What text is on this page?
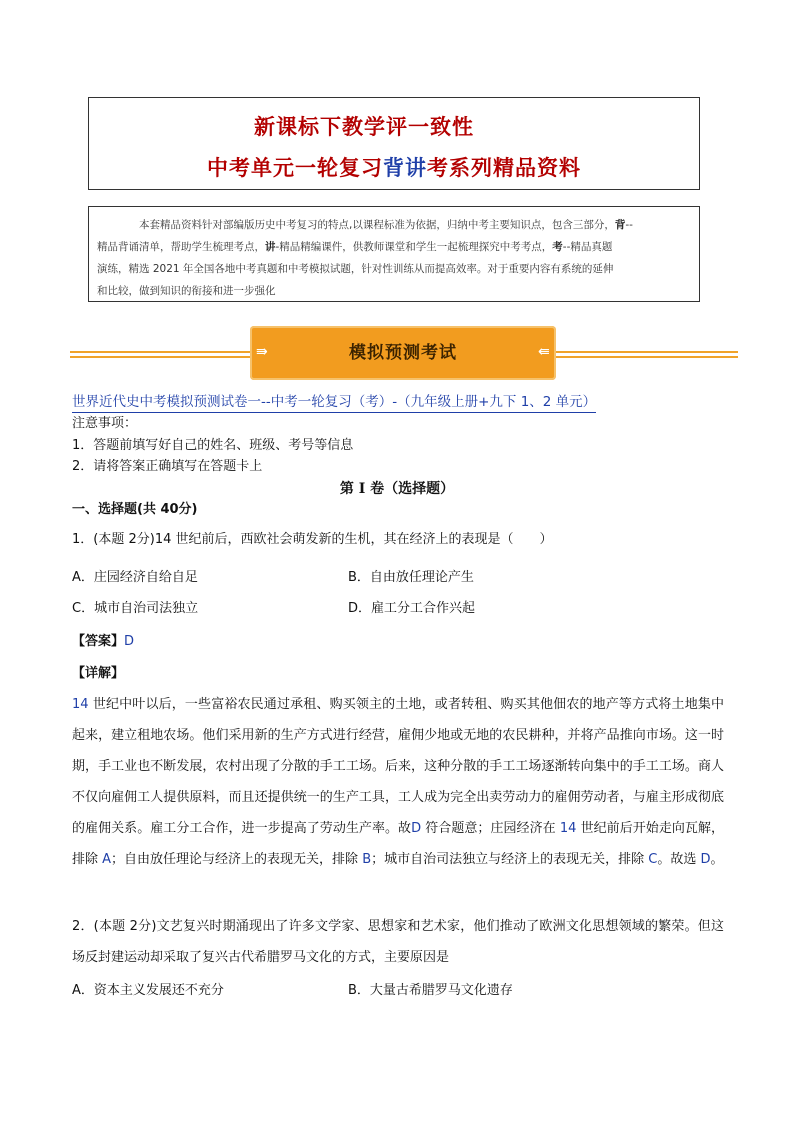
新课标下教学评一致性
中考单元一轮复习背讲考系列精品资料
本套精品资料针对部编版历史中考复习的特点,以课程标准为依据，归纳中考主要知识点，包含三部分，背--
精品背诵清单，帮助学生梳理考点，讲-精品精编课件，供教师课堂和学生一起梳理探究中考考点，考--精品真题
演练，精选 2021 年全国各地中考真题和中考模拟试题，针对性训练从而提高效率。对于重要内容有系统的延伸
和比较，做到知识的衔接和进一步强化
模拟预测考试
⇛	⇚
世界近代史中考模拟预测试卷一--中考一轮复习（考）-（九年级上册+九下 1、2 单元）
注意事项：
1．答题前填写好自己的姓名、班级、考号等信息
2．请将答案正确填写在答题卡上
第 I 卷（选择题）
一、选择题(共 40分)
1．(本题 2分)14 世纪前后，西欧社会萌发新的生机，其在经济上的表现是（　　）
A．庄园经济自给自足	B．自由放任理论产生
C．城市自治司法独立	D．雇工分工合作兴起
【答案】D
【详解】
14 世纪中叶以后，一些富裕农民通过承租、购买领主的土地，或者转租、购买其他佃农的地产等方式将土地集中起来，建立租地农场。他们采用新的生产方式进行经营，雇佣少地或无地的农民耕种，并将产品推向市场。这一时期，手工业也不断发展，农村出现了分散的手工工场。后来，这种分散的手工工场逐渐转向集中的手工工场。商人不仅向雇佣工人提供原料，而且还提供统一的生产工具，工人成为完全出卖劳动力的雇佣劳动者，与雇主形成彻底的雇佣关系。雇工分工合作，进一步提高了劳动生产率。故D 符合题意；庄园经济在 14 世纪前后开始走向瓦解，排除 A；自由放任理论与经济上的表现无关，排除 B；城市自治司法独立与经济上的表现无关，排除 C。故选 D。
2．(本题 2分)文艺复兴时期涌现出了许多文学家、思想家和艺术家，他们推动了欧洲文化思想领域的繁荣。但这场反封建运动却采取了复兴古代希腊罗马文化的方式，主要原因是
A．资本主义发展还不充分	B．大量古希腊罗马文化遗存
